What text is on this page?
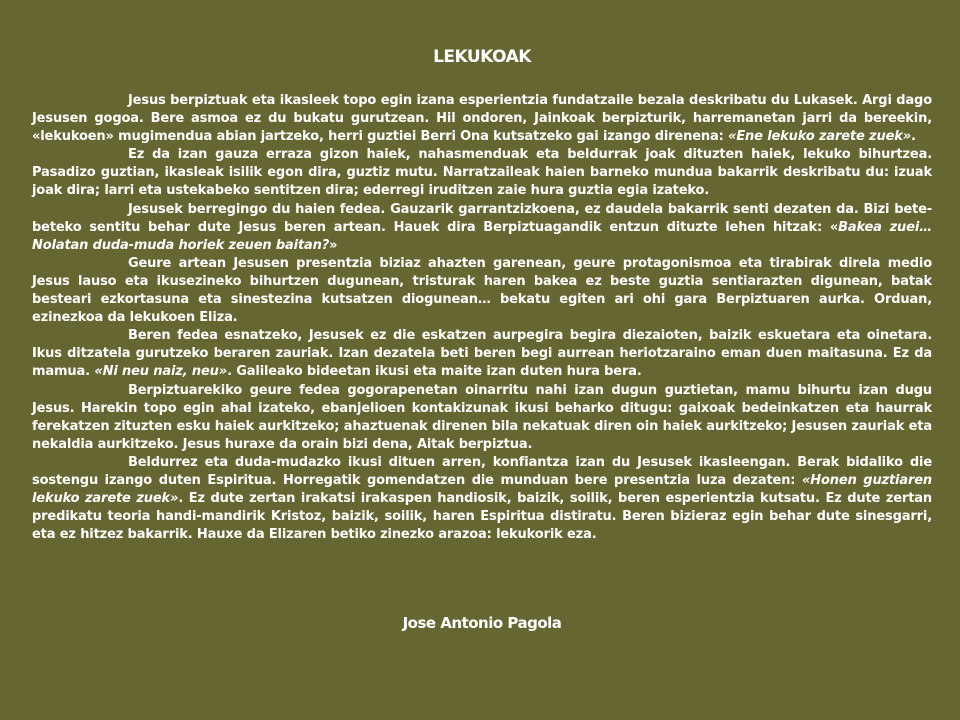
LEKUKOAK

Jesus berpiztuak eta ikasleek topo egin izana esperientzia fundatzaile bezala deskribatu du Lukasek. Argi dago Jesusen gogoa. Bere asmoa ez du bukatu gurutzean. Hil ondoren, Jainkoak berpizturik, harremanetan jarri da bereekin, «lekukoen» mugimendua abian jartzeko, herri guztiei Berri Ona kutsatzeko gai izango direnena: «Ene lekuko zarete zuek».

Ez da izan gauza erraza gizon haiek, nahasmenduak eta beldurrak joak dituzten haiek, lekuko bihurtzea. Pasadizo guztian, ikasleak isilik egon dira, guztiz mutu. Narratzaileak haien barneko mundua bakarrik deskribatu du: izuak joak dira; larri eta ustekabeko sentitzen dira; ederregi iruditzen zaie hura guztia egia izateko.

Jesusek berregingo du haien fedea. Gauzarik garrantzizkoena, ez daudela bakarrik senti dezaten da. Bizi bete-beteko sentitu behar dute Jesus beren artean. Hauek dira Berpiztuagandik entzun dituzte lehen hitzak: «Bakea zuei… Nolatan duda-muda horiek zeuen baitan?»

Geure artean Jesusen presentzia biziaz ahazten garenean, geure protagonismoa eta tirabirak direla medio Jesus lauso eta ikusezineko bihurtzen dugunean, tristurak haren bakea ez beste guztia sentiarazten digunean, batak besteari ezkortasuna eta sinestezina kutsatzen diogunean… bekatu egiten ari ohi gara Berpiztuaren aurka. Orduan, ezinezkoa da lekukoen Eliza.

Beren fedea esnatzeko, Jesusek ez die eskatzen aurpegira begira diezaioten, baizik eskuetara eta oinetara. Ikus ditzatela gurutzeko beraren zauriak. Izan dezatela beti beren begi aurrean heriotzaraino eman duen maitasuna. Ez da mamua. «Ni neu naiz, neu». Galileako bideetan ikusi eta maite izan duten hura bera.

Berpiztuarekiko geure fedea gogorapenetan oinarritu nahi izan dugun guztietan, mamu bihurtu izan dugu Jesus. Harekin topo egin ahal izateko, ebanjelioen kontakizunak ikusi beharko ditugu: gaixoak bedeinkatzen eta haurrak ferekatzen zituzten esku haiek aurkitzeko; ahaztuenak direnen bila nekatuak diren oin haiek aurkitzeko; Jesusen zauriak eta nekaldia aurkitzeko. Jesus huraxe da orain bizi dena, Aitak berpiztua.

Beldurrez eta duda-mudazko ikusi dituen arren, konfiantza izan du Jesusek ikasleengan. Berak bidaliko die sostengu izango duten Espiritua. Horregatik gomendatzen die munduan bere presentzia luza dezaten: «Honen guztiaren lekuko zarete zuek». Ez dute zertan irakatsi irakaspen handiosik, baizik, soilik, beren esperientzia kutsatu. Ez dute zertan predikatu teoria handi-mandirik Kristoz, baizik, soilik, haren Espiritua distiratu. Beren bizieraz egin behar dute sinesgarri, eta ez hitzez bakarrik. Hauxe da Elizaren betiko zinezko arazoa: lekukorik eza.

Jose Antonio Pagola
